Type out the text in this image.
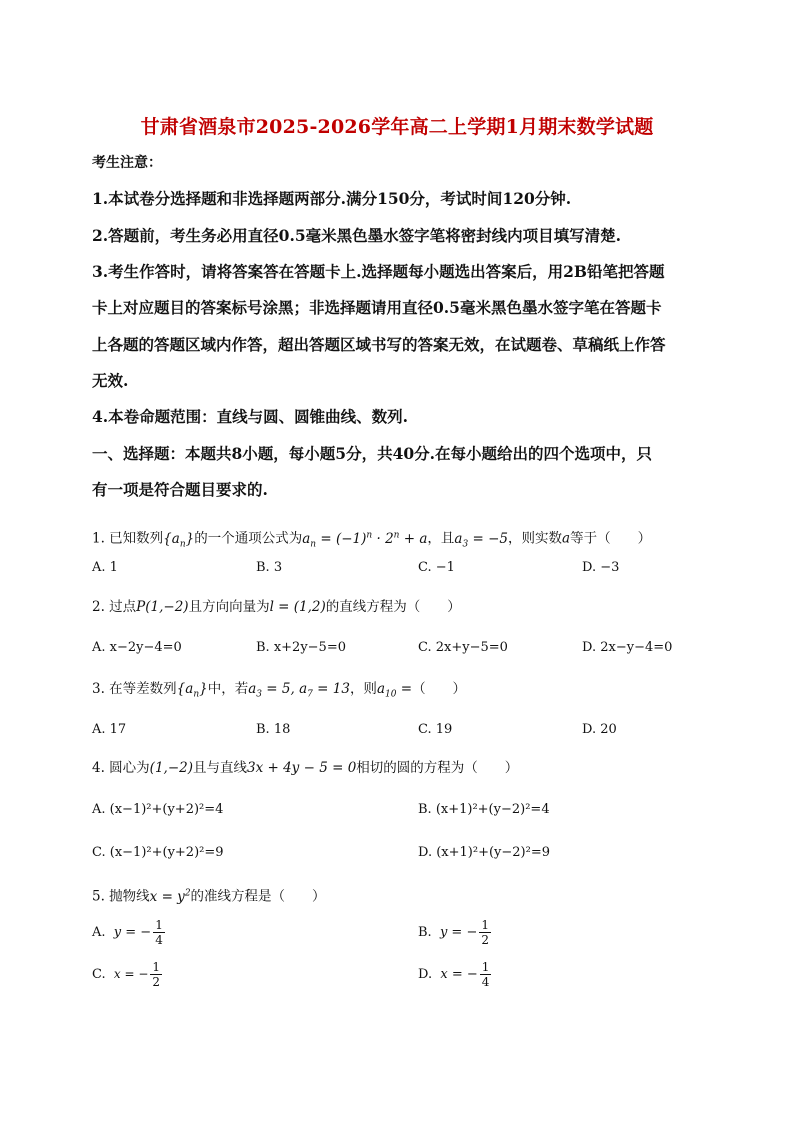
甘肃省酒泉市2025-2026学年高二上学期1月期末数学试题
考生注意：
1.本试卷分选择题和非选择题两部分.满分150分，考试时间120分钟.
2.答题前，考生务必用直径0.5毫米黑色墨水签字笔将密封线内项目填写清楚.
3.考生作答时，请将答案答在答题卡上.选择题每小题选出答案后，用2B铅笔把答题
卡上对应题目的答案标号涂黑；非选择题请用直径0.5毫米黑色墨水签字笔在答题卡
上各题的答题区域内作答，超出答题区域书写的答案无效，在试题卷、草稿纸上作答
无效.
4.本卷命题范围：直线与圆、圆锥曲线、数列.
一、选择题：本题共8小题，每小题5分，共40分.在每小题给出的四个选项中，只
有一项是符合题目要求的.
1. 已知数列$\{a_n\}$的一个通项公式为$a_n = (-1)^n \cdot 2^n + a$，且$a_3 = -5$，则实数a等于（　　）
A. 1	B. 3	C. −1	D. −3
2. 过点P(1,−2)且方向向量为l = (1,2)的直线方程为（　　）
A. x−2y−4=0	B. x+2y−5=0	C. 2x+y−5=0	D. 2x−y−4=0
3. 在等差数列$\{a_n\}$中，若$a_3 = 5$, $a_7 = 13$，则$a_{10}$ =（　　）
A. 17	B. 18	C. 19	D. 20
4. 圆心为(1,−2)且与直线3x + 4y − 5 = 0相切的圆的方程为（　　）
A. (x−1)²+(y+2)²=4	B. (x+1)²+(y−2)²=4
C. (x−1)²+(y+2)²=9	D. (x+1)²+(y−2)²=9
5. 抛物线$x = y^2$的准线方程是（　　）
A. y = − $\frac{1}{4}$	B. y = − $\frac{1}{2}$
C. x = − $\frac{1}{2}$	D. x = − $\frac{1}{4}$
